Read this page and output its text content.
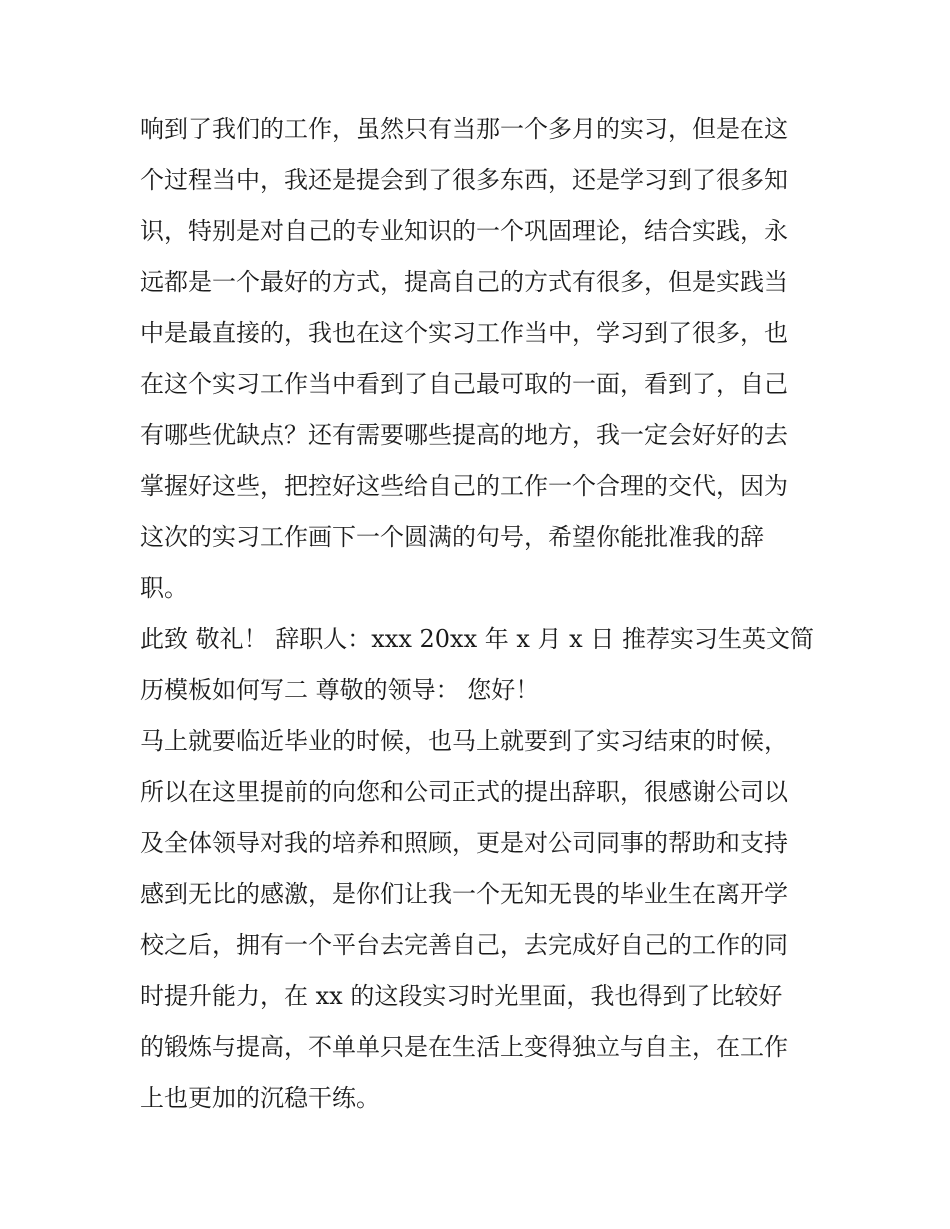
响到了我们的工作，虽然只有当那一个多月的实习，但是在这
个过程当中，我还是提会到了很多东西，还是学习到了很多知
识，特别是对自己的专业知识的一个巩固理论，结合实践，永
远都是一个最好的方式，提高自己的方式有很多，但是实践当
中是最直接的，我也在这个实习工作当中，学习到了很多，也
在这个实习工作当中看到了自己最可取的一面，看到了，自己
有哪些优缺点？还有需要哪些提高的地方，我一定会好好的去
掌握好这些，把控好这些给自己的工作一个合理的交代，因为
这次的实习工作画下一个圆满的句号，希望你能批准我的辞
职。
此致 敬礼！ 辞职人：xxx 20xx 年 x 月 x 日 推荐实习生英文简
历模板如何写二 尊敬的领导： 您好！
马上就要临近毕业的时候，也马上就要到了实习结束的时候，
所以在这里提前的向您和公司正式的提出辞职，很感谢公司以
及全体领导对我的培养和照顾，更是对公司同事的帮助和支持
感到无比的感激，是你们让我一个无知无畏的毕业生在离开学
校之后，拥有一个平台去完善自己，去完成好自己的工作的同
时提升能力，在 xx 的这段实习时光里面，我也得到了比较好
的锻炼与提高，不单单只是在生活上变得独立与自主，在工作
上也更加的沉稳干练。
